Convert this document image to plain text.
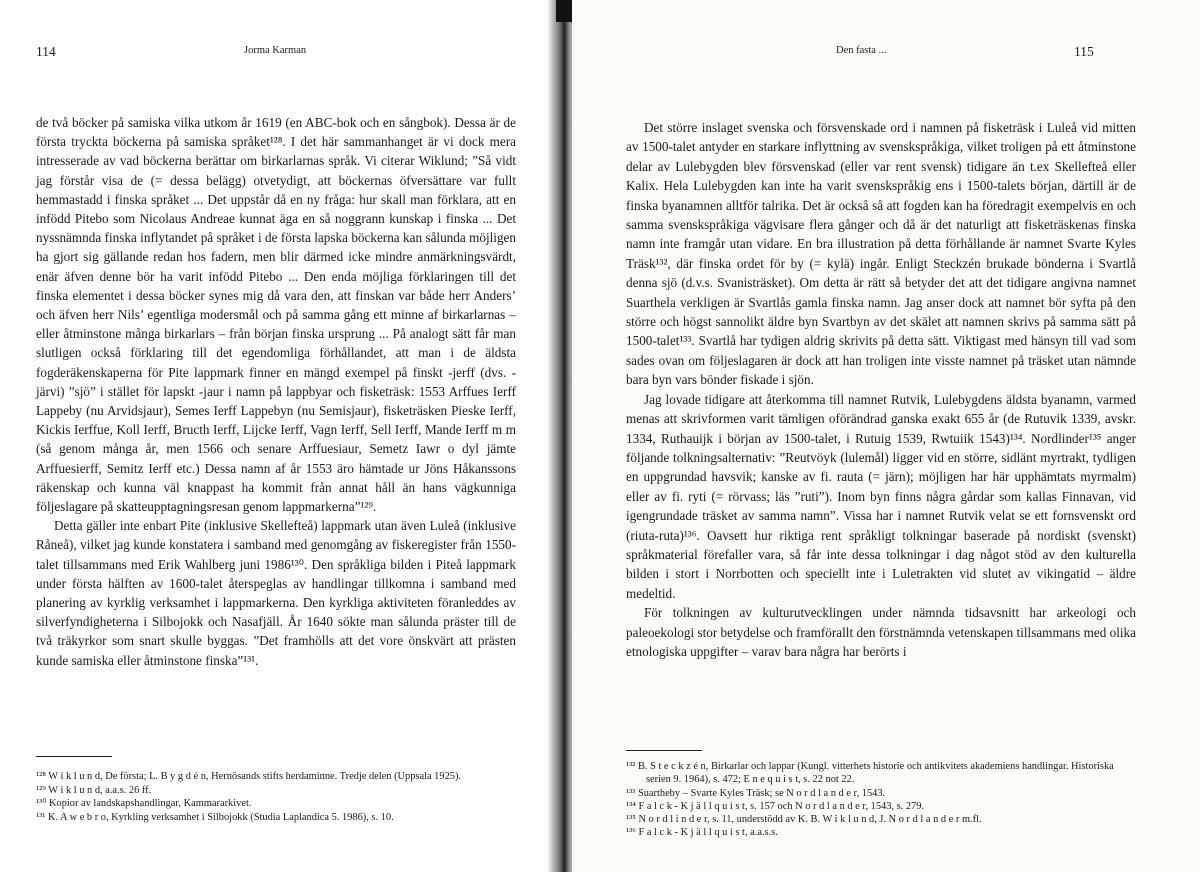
114	Jorma Karman

de två böcker på samiska vilka utkom år 1619 (en ABC-bok och en sångbok). Dessa är de första tryckta böckerna på samiska språket¹²⁸. I det här sammanhanget är vi dock mera intresserade av vad böckerna berättar om birkarlarnas språk. Vi citerar Wiklund; ”Så vidt jag förstår visa de (= dessa belägg) otvetydigt, att böckernas öfversättare var fullt hemmastadd i finska språket ... Det uppstår då en ny fråga: hur skall man förklara, att en infödd Pitebo som Nicolaus Andreae kunnat äga en så noggrann kunskap i finska ... Det nyssnämnda finska inflytandet på språket i de första lapska böckerna kan sålunda möjligen ha gjort sig gällande redan hos fadern, men blir därmed icke mindre anmärkningsvärdt, enär äfven denne bör ha varit infödd Pitebo ... Den enda möjliga förklaringen till det finska elementet i dessa böcker synes mig då vara den, att finskan var både herr Anders’ och äfven herr Nils’ egentliga modersmål och på samma gång ett minne af birkarlarnas – eller åtminstone många birkarlars – från början finska ursprung ... På analogt sätt får man slutligen också förklaring till det egendomliga förhållandet, att man i de äldsta fogderäkenskaperna för Pite lappmark finner en mängd exempel på finskt -jerff (dvs. -järvi) ”sjö” i stället för lapskt -jaur i namn på lappbyar och fisketräsk: 1553 Arffues Ierff Lappeby (nu Arvidsjaur), Semes Ierff Lappebyn (nu Semisjaur), fisketräsken Pieske Ierff, Kickis Ierffue, Koll Ierff, Bructh Ierff, Lijcke Ierff, Vagn Ierff, Sell Ierff, Mande Ierff m m (så genom många år, men 1566 och senare Arffuesiaur, Semetz Iawr o dyl jämte Arffuesierff, Semitz Ierff etc.) Dessa namn af år 1553 äro hämtade ur Jöns Håkanssons räkenskap och kunna väl knappast ha kommit från annat håll än hans vägkunniga följeslagare på skatteupptagningsresan genom lappmarkerna”¹²⁹.

Detta gäller inte enbart Pite (inklusive Skellefteå) lappmark utan även Luleå (inklusive Råneå), vilket jag kunde konstatera i samband med genomgång av fiskeregister från 1550-talet tillsammans med Erik Wahlberg juni 1986¹³⁰. Den språkliga bilden i Piteå lappmark under första hälften av 1600-talet återspeglas av handlingar tillkomna i samband med planering av kyrklig verksamhet i lappmarkerna. Den kyrkliga aktiviteten föranleddes av silverfyndigheterna i Silbojokk och Nasafjäll. År 1640 sökte man sålunda präster till de två träkyrkor som snart skulle byggas. ”Det framhölls att det vore önskvärt att prästen kunde samiska eller åtminstone finska”¹³¹.

¹²⁸ W i k l u n d, De första; L. B y g d é n, Hernösands stifts herdaminne. Tredje delen (Uppsala 1925).
¹²⁹ W i k l u n d, a.a.s. 26 ff.
¹³⁰ Kopior av landskapshandlingar, Kammararkivet.
¹³¹ K. A w e b r o, Kyrkling verksamhet i Silbojokk (Studia Laplandica 5. 1986), s. 10.
Den fasta ...	115

Det större inslaget svenska och försvenskade ord i namnen på fisketräsk i Luleå vid mitten av 1500-talet antyder en starkare inflyttning av svenskspråkiga, vilket troligen på ett åtminstone delar av Lulebygden blev försvenskad (eller var rent svensk) tidigare än t.ex Skellefteå eller Kalix. Hela Lulebygden kan inte ha varit svenskspråkig ens i 1500-talets början, därtill är de finska byanamnen alltför talrika. Det är också så att fogden kan ha föredragit exempelvis en och samma svenskspråkiga vägvisare flera gånger och då är det naturligt att fisketräskenas finska namn inte framgår utan vidare. En bra illustration på detta förhållande är namnet Svarte Kyles Träsk¹³², där finska ordet för by (= kylä) ingår. Enligt Steckzén brukade bönderna i Svartlå denna sjö (d.v.s. Svanisträsket). Om detta är rätt så betyder det att det tidigare angivna namnet Suarthela verkligen är Svartlås gamla finska namn. Jag anser dock att namnet bör syfta på den större och högst sannolikt äldre byn Svartbyn av det skälet att namnen skrivs på samma sätt på 1500-talet¹³³. Svartlå har tydigen aldrig skrivits på detta sätt. Viktigast med hänsyn till vad som sades ovan om följeslagaren är dock att han troligen inte visste namnet på träsket utan nämnde bara byn vars bönder fiskade i sjön.

Jag lovade tidigare att återkomma till namnet Rutvik, Lulebygdens äldsta byanamn, varmed menas att skrivformen varit tämligen oförändrad ganska exakt 655 år (de Rutuvik 1339, avskr. 1334, Ruthauijk i början av 1500-talet, i Rutuig 1539, Rwtuiik 1543)¹³⁴. Nordlinder¹³⁵ anger följande tolkningsalternativ: ”Reutvöyk (lulemål) ligger vid en större, sidlänt myrtrakt, tydligen en uppgrundad havsvik; kanske av fi. rauta (= järn); möjligen har här upphämtats myrmalm) eller av fi. ryti (= rörvass; läs ”ruti”). Inom byn finns några gårdar som kallas Finnavan, vid igengrundade träsket av samma namn”. Vissa har i namnet Rutvik velat se ett fornsvenskt ord (riuta-ruta)¹³⁶. Oavsett hur riktiga rent språkligt tolkningar baserade på nordiskt (svenskt) språkmaterial förefaller vara, så får inte dessa tolkningar i dag något stöd av den kulturella bilden i stort i Norrbotten och speciellt inte i Luletrakten vid slutet av vikingatid – äldre medeltid.

För tolkningen av kulturutvecklingen under nämnda tidsavsnitt har arkeologi och paleoekologi stor betydelse och framförallt den förstnämnda vetenskapen tillsammans med olika etnologiska uppgifter – varav bara några har berörts i

¹³² B. S t e c k z é n, Birkarlar och lappar (Kungl. vitterhets historie och antikvitets akademiens handlingar. Historiska serien 9. 1964), s. 472; E n e q u i s t, s. 22 not 22.
¹³³ Suartheby – Svarte Kyles Träsk; se N o r d l a n d e r, 1543.
¹³⁴ F a l c k - K j ä l l q u i s t, s. 157 och N o r d l a n d e r, 1543, s. 279.
¹³⁵ N o r d l i n d e r, s. 11, understödd av K. B. W i k l u n d, J. N o r d l a n d e r m.fl.
¹³⁶ F a l c k - K j ä l l q u i s t, a.a.s.s.
